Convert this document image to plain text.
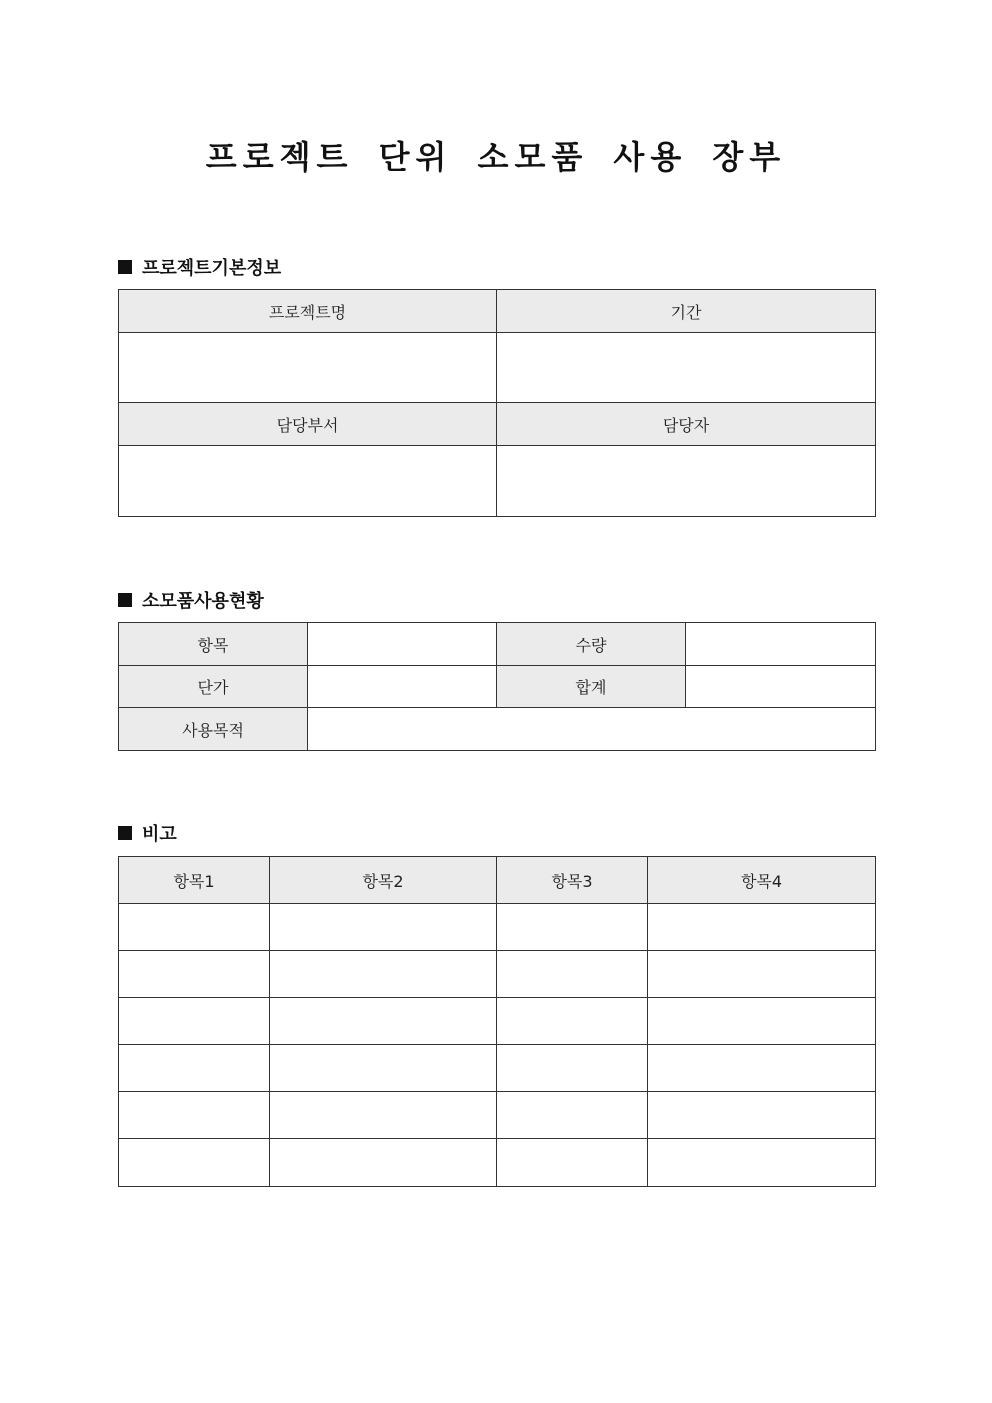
프로젝트 단위 소모품 사용 장부
프로젝트기본정보
프로젝트명	기간

담당부서	담당자

소모품사용현황
항목		수량	
단가		합계	
사용목적			
비고
항목1	항목2	항목3	항목4
